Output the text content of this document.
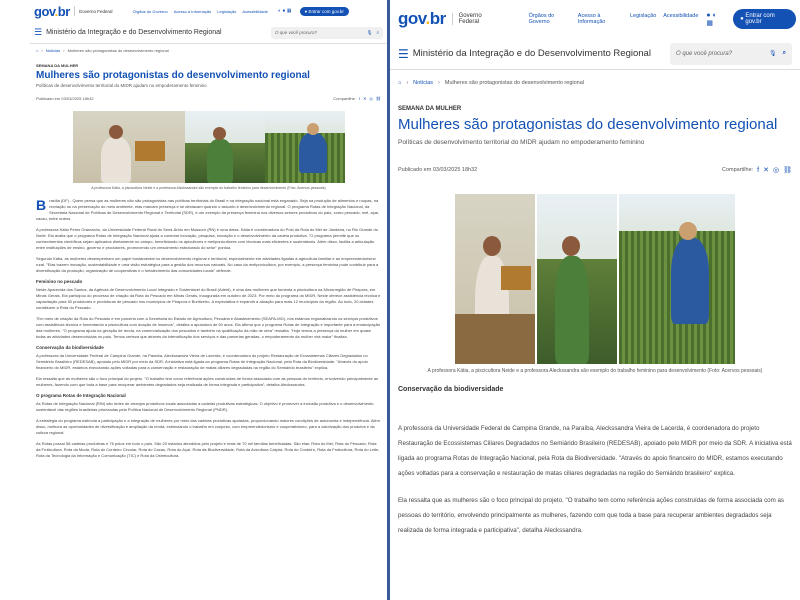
gov.br Governo Federal	Órgãos do Governo Acesso à Informação Legislação Acessibilidade ◐ ● ▦	● Entrar com gov.br
☰ Ministério da Integração e do Desenvolvimento Regional	O que você procura?	🎙 ⌕
⌂ › Notícias › Mulheres são protagonistas do desenvolvimento regional
SEMANA DA MULHER
Mulheres são protagonistas do desenvolvimento regional
Políticas de desenvolvimento territorial do MIDR ajudam no empoderamento feminino
Publicado em 03/03/2025 18h32	Compartilhe: f ✕ ◎ ⛓
A professora Kátia, a piscicultora Neide e a professora Aleckssandra são exemplo do trabalho feminino para desenvolvimento (Foto: Acervos pessoais)

Brasília (DF) - Quem pensa que as mulheres não são protagonistas nas políticas territoriais do Brasil e na integração nacional está enganado. Seja na produção de alimentos e roupas, na recriação ou na preservação do meio ambiente, elas marcam presença e se destacam quando o assunto é desenvolvimento regional. O programa Rotas de Integração Nacional, da Secretaria Nacional de Políticas de Desenvolvimento Regional e Territorial (SDR), é um exemplo da presença feminina nos diversos setores produtivos do país, como pescado, mel, açaí, cacau, entre outros.

A professora Kátia Peres Gramacho, da Universidade Federal Rural do Semi-Árido em Mossoró (RN) é uma delas. Kátia é coordenadora do Polo da Rota do Mel de Jandaíra, no Rio Grande do Norte. Ela avalia que o programa Rotas de Integração Nacional ajuda a conectar inovação, pesquisa, inovação e o desenvolvimento da cadeia produtiva. "O programa permite que os conhecimentos científicos sejam aplicados diretamente no campo, beneficiando os apicultores e meliponicultores com técnicas mais eficientes e sustentáveis. Além disso, facilita a articulação entre instituições de ensino, governo e produtores, promovendo um crescimento estruturado do setor" pontua.

Segundo Kátia, as mulheres desempenham um papel fundamental no desenvolvimento regional e territorial, especialmente em atividades ligadas à agricultura familiar e ao empreendedorismo rural. "Elas trazem inovação, sustentabilidade e uma visão estratégica para a gestão dos recursos naturais. No caso da meliponicultura, por exemplo, a presença feminina pode contribuir para a diversificação da produção, organização de cooperativas e o fortalecimento das comunidades locais" defende.

Feminino no pescado

Neide Aparecida dos Santos, da Agência de Desenvolvimento Local Integrado e Sustentável do Brasil (Adeld), é uma das mulheres que fomenta a piscicultura na Microrregião de Pirapora, em Minas Gerais. Ela participou do processo de criação da Rota do Pescado em Minas Gerais, inaugurada em outubro de 2023. Por meio do programa do MIDR, Neide oferece assistência técnica e capacitação para 50 produtores e produtoras de pescado nos municípios de Pirapora e Buritizeiro. A expectativa é expandir a atuação para mais 12 municípios da região. Ao todo, 20 cidades constituem a Rota do Pescado.

"Em meio de criação da Rota do Pescado e em parceria com a Secretaria do Estado de Agricultura, Pecuária e Abastecimento (SEAPA-MG), nós estamos regionalizando os serviços produtivos com assistência técnica e fomentando a piscicultura com doação de insumos", detalha a apoiadora de 50 anos. Ela afirma que o programa Rotas de Integração é importante para a emancipação das mulheres. "O programa ajuda na geração de renda, na comercialização dos pescados e também na qualificação da mão de obra" ressalta. "Hoje temos a presença da mulher em quase todas as atividades desenvolvidas no país. Temos certeza que através da intensificação dos serviços e das parcerias geradas, o empoderamento da mulher virá maior" finaliza.

Conservação da biodiversidade

A professora da Universidade Federal de Campina Grande, na Paraíba, Aleckssandra Vieira de Lacerda, é coordenadora do projeto Restauração de Ecossistemas Ciliares Degradados no Semiárido Brasileiro (REDESAB), apoiado pelo MIDR por meio da SDR. A iniciativa está ligada ao programa Rotas de Integração Nacional, pela Rota da Biodiversidade. "Através do apoio financeiro do MIDR, estamos executando ações voltadas para a conservação e restauração de matas ciliares degradadas na região do Semiárido brasileiro" explica.

Ela ressalta que as mulheres são o foco principal do projeto. "O trabalho tem como referência ações construídas de forma associada com as pessoas do território, envolvendo principalmente as mulheres, fazendo com que toda a base para recuperar ambientes degradados seja realizada de forma integrada e participativa", detalha Aleckssandra.

O programa Rotas de Integração Nacional

As Rotas de Integração Nacional (RIN) são redes de arranjos produtivos locais associadas a cadeias produtivas estratégicas. O objetivo é promover a inclusão produtiva e o desenvolvimento sustentável das regiões brasileiras priorizadas pela Política Nacional de Desenvolvimento Regional (PNDR).

A estratégia do programa estimula a participação e a integração de mulheres por meio das cadeias produtivas apoiadas, proporcionando maiores condições de autonomia e independência. Além disso, melhora as oportunidades de diversificação e ampliação da renda, estimulando o trabalho em conjunto, com empreendedorismo e cooperativismo, para a valorização dos produtos e da cultura regional.

As Rotas possui 58 cadeias produtivas e 76 polos em todo o país. São 20 estados atendidos pelo projeto e mais de 70 mil famílias beneficiadas. São elas: Rota do Mel, Rota do Pescado, Rota da Fruticultura, Rota da Moda, Rota do Cordeiro Circular, Rota do Cacau, Rota do Açaí, Rota da Biodiversidade, Rota da Avicultura Caipira, Rota do Cordeiro, Rota da Fruticultura, Rota do Leite, Rota da Tecnologia da Informação e Comunicação (TIC) e Rota da Ostreicultura.

gov.br Governo Federal
Órgãos do Governo
Acesso à Informação
Legislação Acessibilidade ● ◐ ▦
● Entrar com gov.br
☰ Ministério da Integração e do Desenvolvimento Regional	O que você procura?	🎙 ⌕
⌂ › Notícias › Mulheres são protagonistas do desenvolvimento regional
SEMANA DA MULHER
Mulheres são protagonistas do desenvolvimento regional
Políticas de desenvolvimento territorial do MIDR ajudam no empoderamento feminino
Publicado em 03/03/2025 18h32	Compartilhe: f ✕ ◎ ⛓
A professora Kátia, a piscicultora Neide e a professora Aleckssandra são exemplo do trabalho feminino para desenvolvimento (Foto: Acervos pessoais)
Conservação da biodiversidade

A professora da Universidade Federal de Campina Grande, na Paraíba, Aleckssandra Vieira de Lacerda, é coordenadora do projeto Restauração de Ecossistemas Ciliares Degradados no Semiárido Brasileiro (REDESAB), apoiado pelo MIDR por meio da SDR. A iniciativa está ligada ao programa Rotas de Integração Nacional, pela Rota da Biodiversidade. "Através do apoio financeiro do MIDR, estamos executando ações voltadas para a conservação e restauração de matas ciliares degradadas na região do Semiárido brasileiro" explica.

Ela ressalta que as mulheres são o foco principal do projeto. "O trabalho tem como referência ações construídas de forma associada com as pessoas do território, envolvendo principalmente as mulheres, fazendo com que toda a base para recuperar ambientes degradados seja realizada de forma integrada e participativa", detalha Aleckssandra.
